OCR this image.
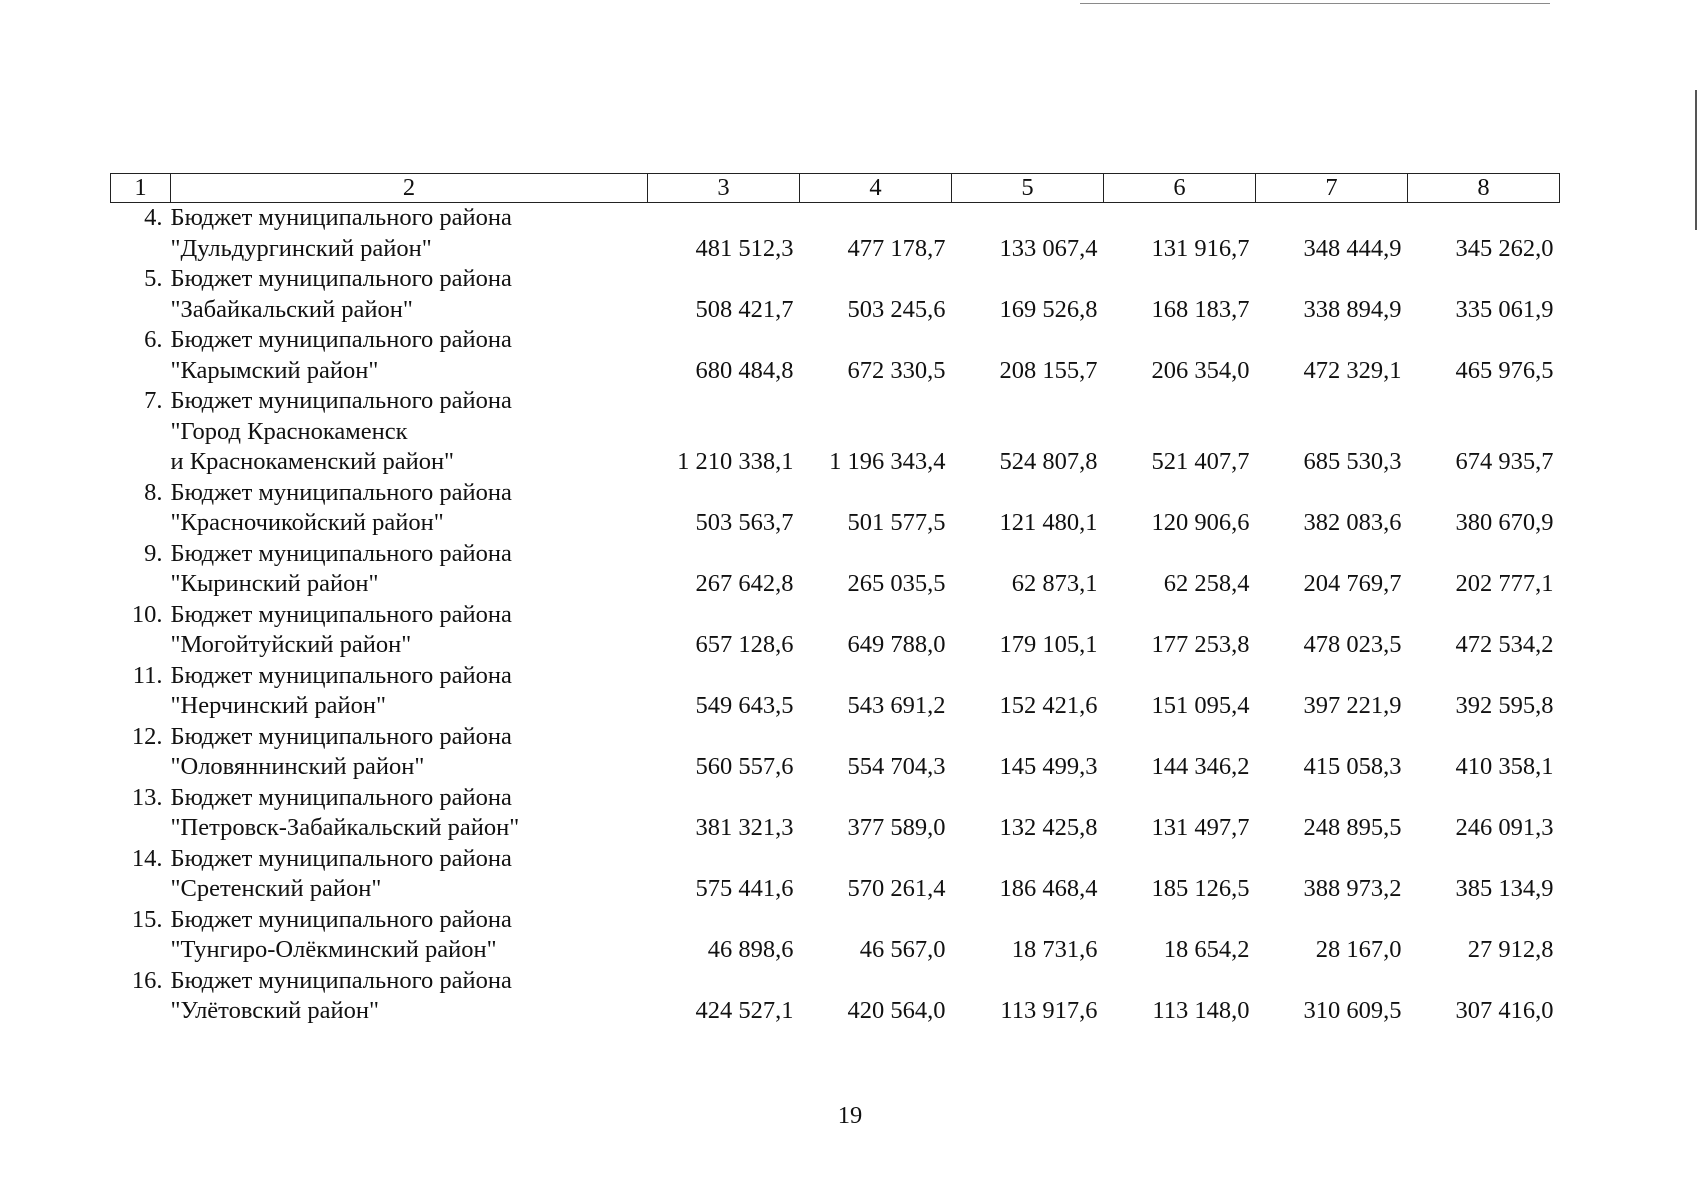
1	2	3	4	5	6	7	8
4.	Бюджет муниципального района
"Дульдургинский район"	481 512,3	477 178,7	133 067,4	131 916,7	348 444,9	345 262,0
5.	Бюджет муниципального района
"Забайкальский район"	508 421,7	503 245,6	169 526,8	168 183,7	338 894,9	335 061,9
6.	Бюджет муниципального района
"Карымский район"	680 484,8	672 330,5	208 155,7	206 354,0	472 329,1	465 976,5
7.	Бюджет муниципального района
"Город Краснокаменск
и Краснокаменский район"	1 210 338,1	1 196 343,4	524 807,8	521 407,7	685 530,3	674 935,7
8.	Бюджет муниципального района
"Красночикойский район"	503 563,7	501 577,5	121 480,1	120 906,6	382 083,6	380 670,9
9.	Бюджет муниципального района
"Кыринский район"	267 642,8	265 035,5	62 873,1	62 258,4	204 769,7	202 777,1
10.	Бюджет муниципального района
"Могойтуйский район"	657 128,6	649 788,0	179 105,1	177 253,8	478 023,5	472 534,2
11.	Бюджет муниципального района
"Нерчинский район"	549 643,5	543 691,2	152 421,6	151 095,4	397 221,9	392 595,8
12.	Бюджет муниципального района
"Оловяннинский район"	560 557,6	554 704,3	145 499,3	144 346,2	415 058,3	410 358,1
13.	Бюджет муниципального района
"Петровск-Забайкальский район"	381 321,3	377 589,0	132 425,8	131 497,7	248 895,5	246 091,3
14.	Бюджет муниципального района
"Сретенский район"	575 441,6	570 261,4	186 468,4	185 126,5	388 973,2	385 134,9
15.	Бюджет муниципального района
"Тунгиро-Олёкминский район"	46 898,6	46 567,0	18 731,6	18 654,2	28 167,0	27 912,8
16.	Бюджет муниципального района
"Улётовский район"	424 527,1	420 564,0	113 917,6	113 148,0	310 609,5	307 416,0
19
